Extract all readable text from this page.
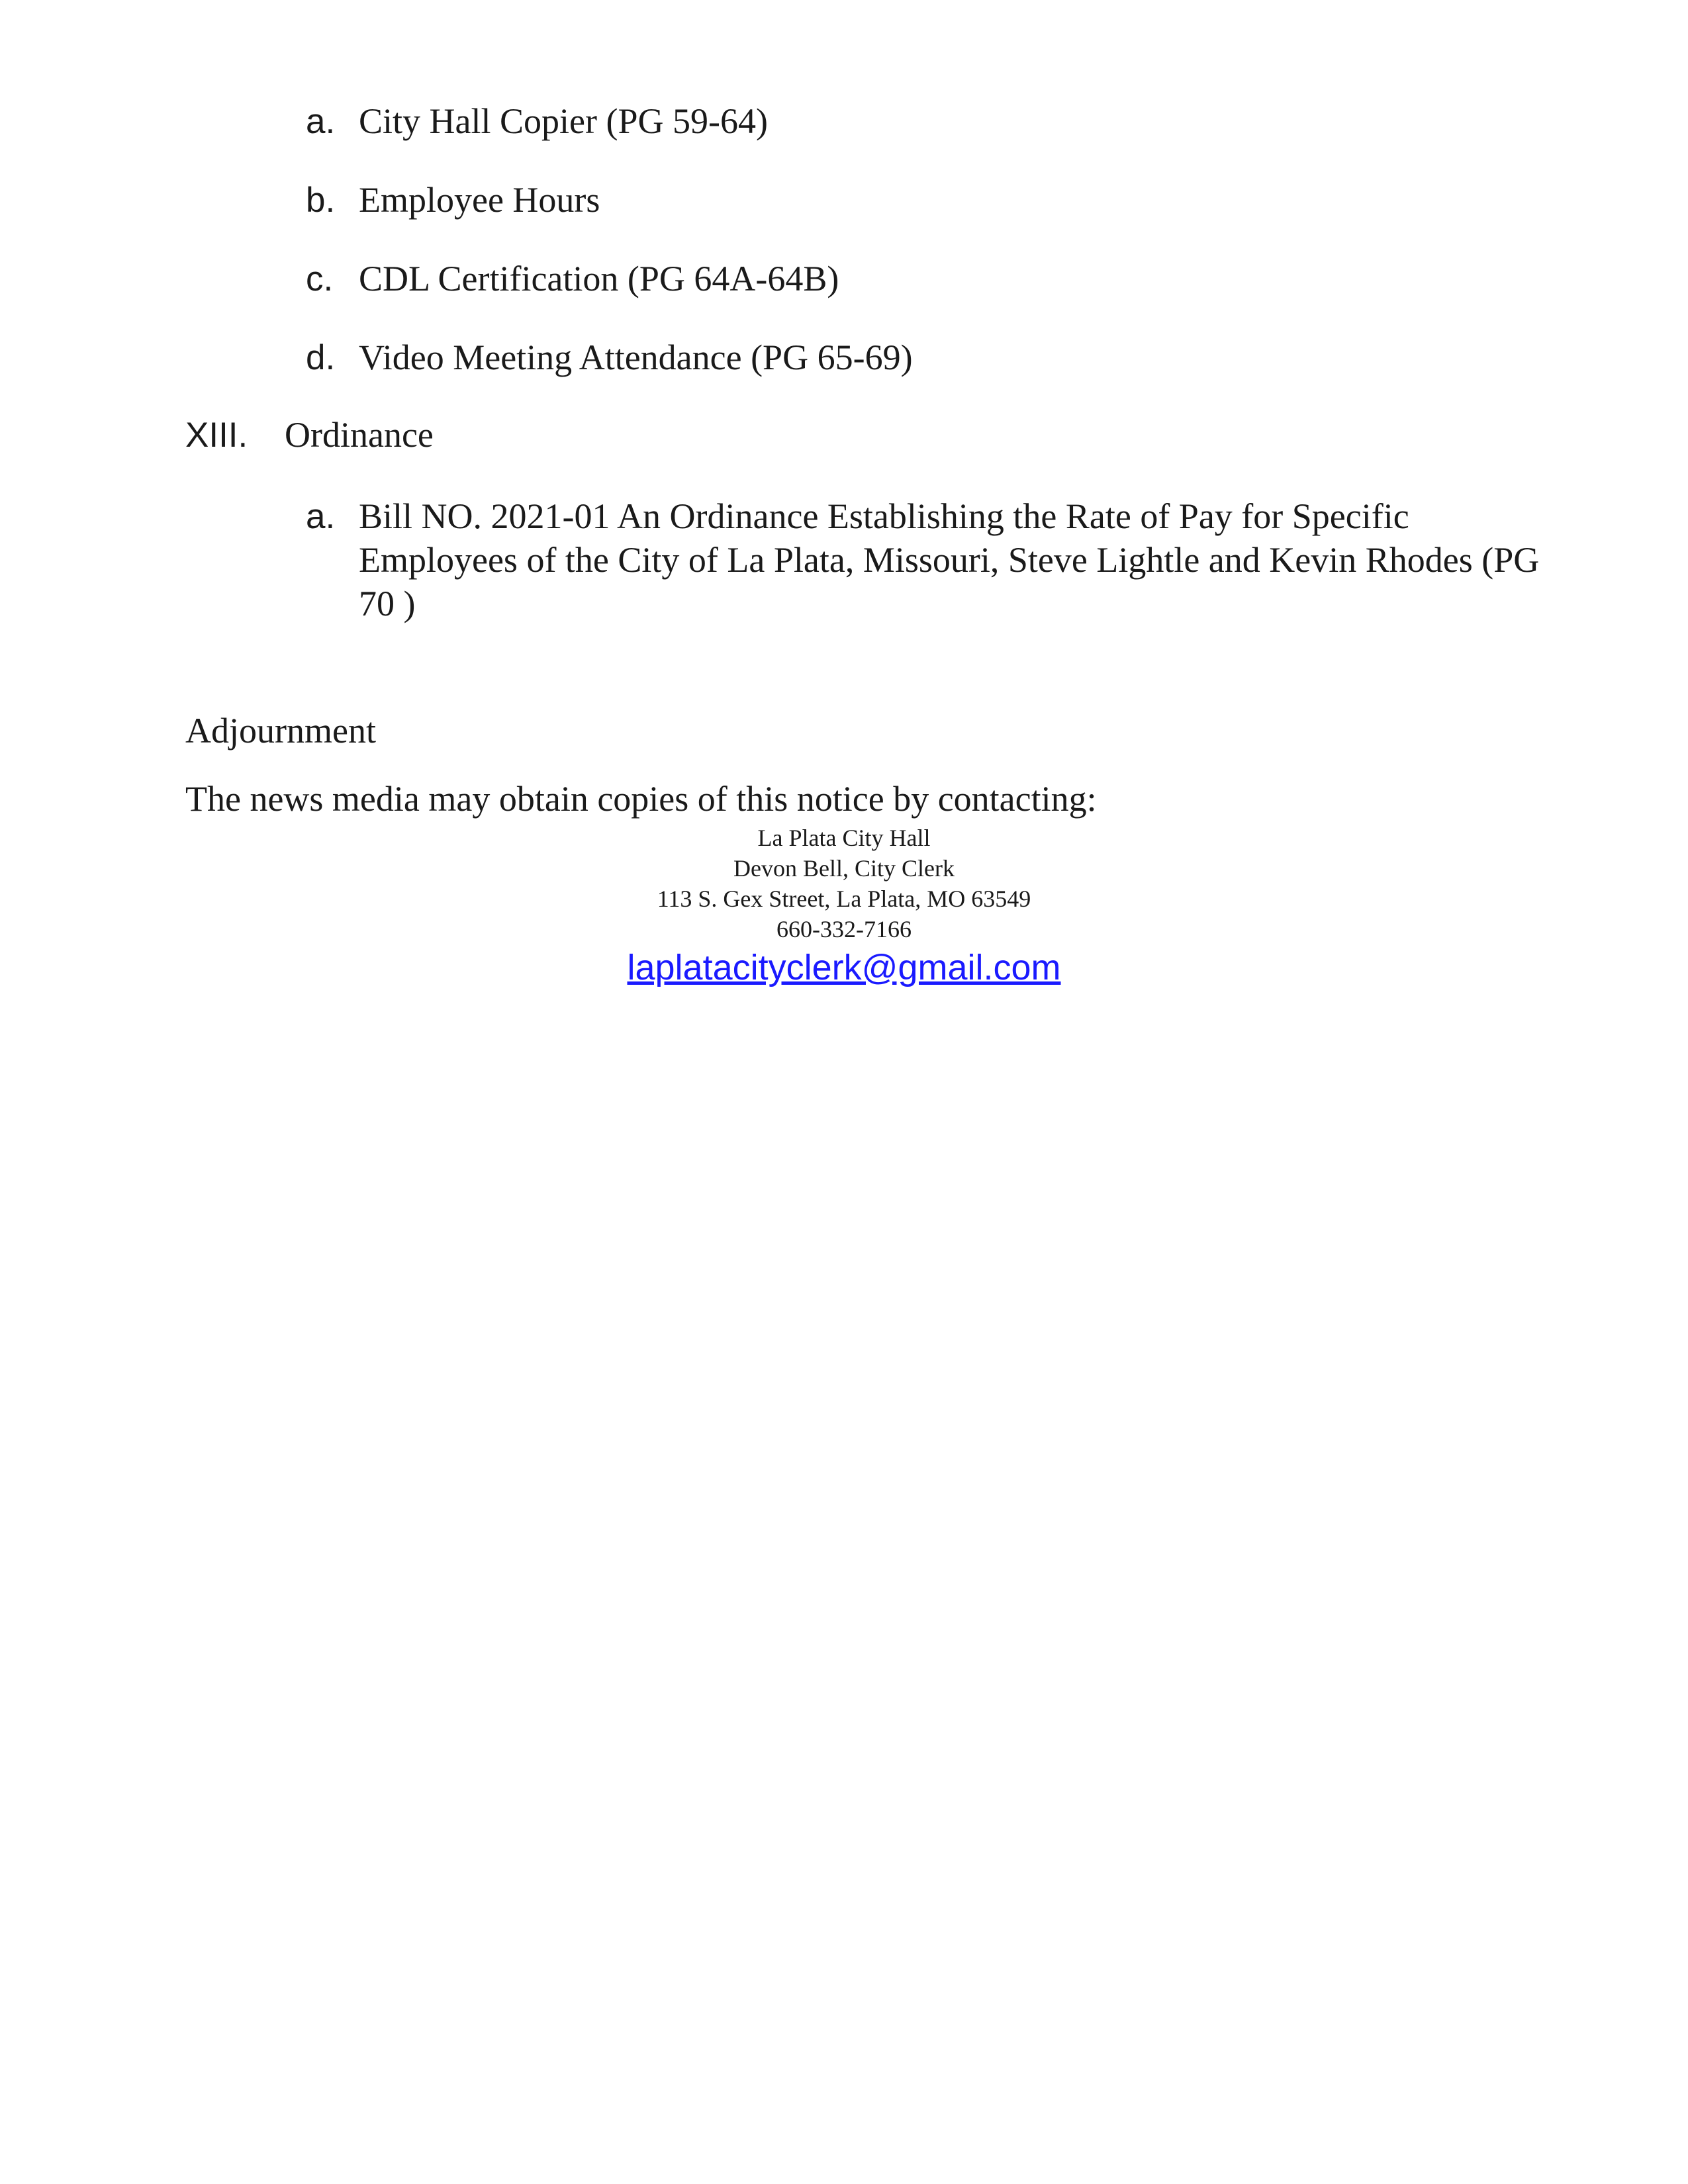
a. City Hall Copier (PG 59-64)
b. Employee Hours
c. CDL Certification (PG 64A-64B)
d. Video Meeting Attendance (PG 65-69)
XIII.	Ordinance
a. Bill NO. 2021-01 An Ordinance Establishing the Rate of Pay for Specific Employees of the City of La Plata, Missouri, Steve Lightle and Kevin Rhodes (PG 70 )
Adjournment
The news media may obtain copies of this notice by contacting:
La Plata City Hall
Devon Bell, City Clerk
113 S. Gex Street, La Plata, MO 63549
660-332-7166
laplatacityclerk@gmail.com
